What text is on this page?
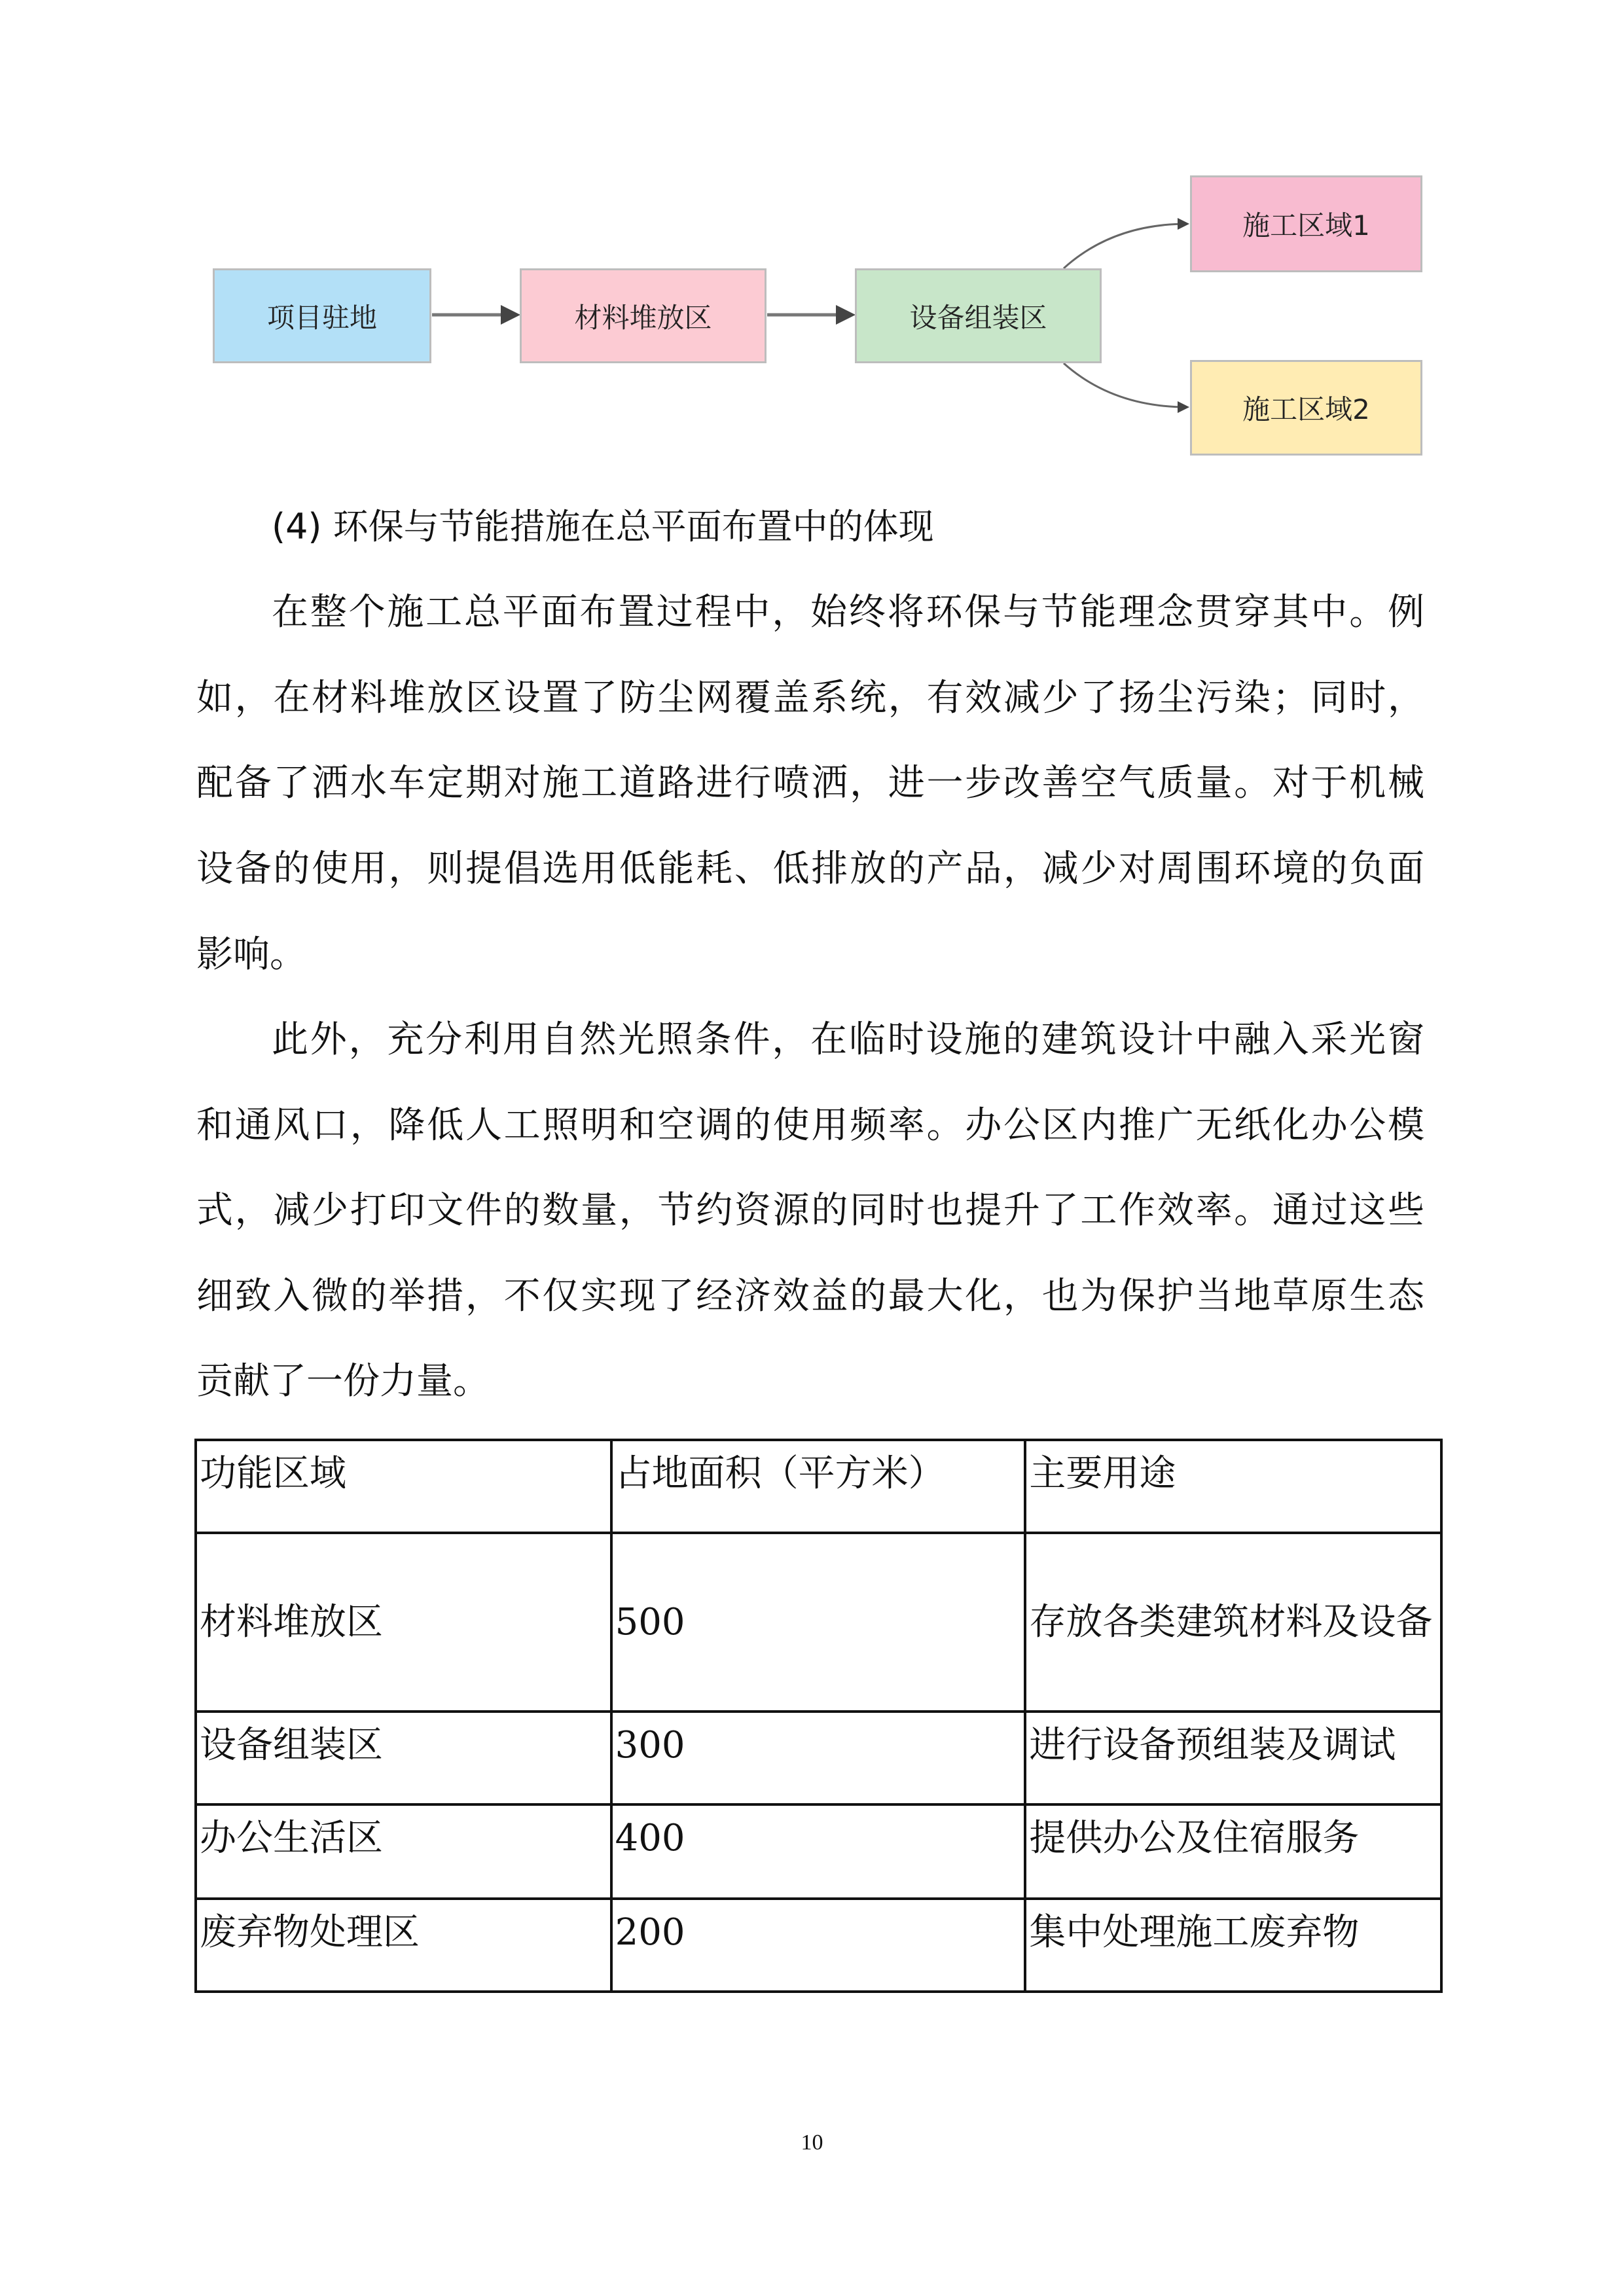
项目驻地	材料堆放区	设备组装区
施工区域1
施工区域2
(4) 环保与节能措施在总平面布置中的体现
在整个施工总平面布置过程中，始终将环保与节能理念贯穿其中。例
如，在材料堆放区设置了防尘网覆盖系统，有效减少了扬尘污染；同时，
配备了洒水车定期对施工道路进行喷洒，进一步改善空气质量。对于机械
设备的使用，则提倡选用低能耗、低排放的产品，减少对周围环境的负面
影响。
此外，充分利用自然光照条件，在临时设施的建筑设计中融入采光窗
和通风口，降低人工照明和空调的使用频率。办公区内推广无纸化办公模
式，减少打印文件的数量，节约资源的同时也提升了工作效率。通过这些
细致入微的举措，不仅实现了经济效益的最大化，也为保护当地草原生态
贡献了一份力量。
功能区域	占地面积（平方米）	主要用途
材料堆放区	500	存放各类建筑材料及设备
设备组装区	300	进行设备预组装及调试
办公生活区	400	提供办公及住宿服务
废弃物处理区	200	集中处理施工废弃物
10
